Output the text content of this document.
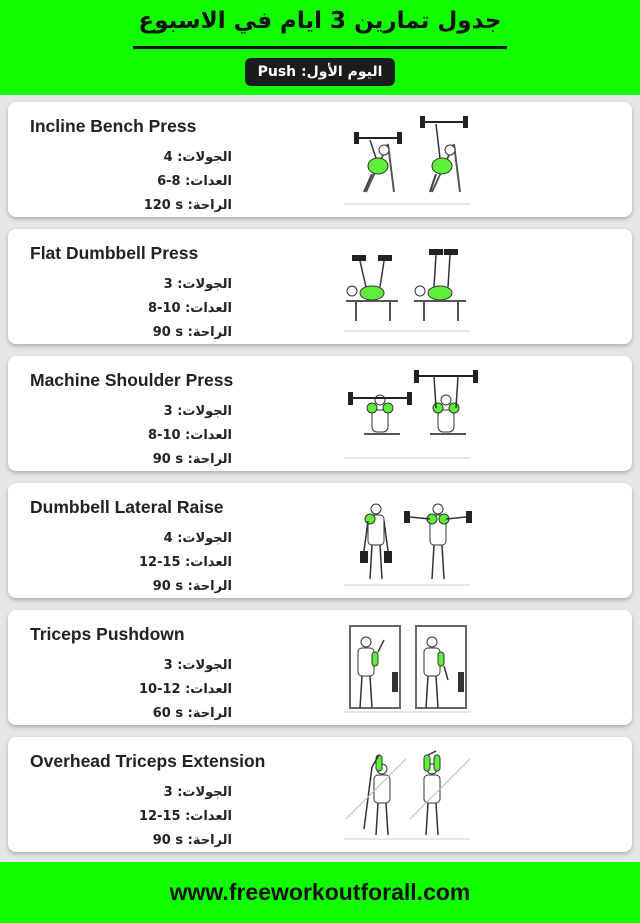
جدول تمارين 3 ايام في الاسبوع
اليوم الأول: Push
Incline Bench Press
الجولات: 4
العدات: 6-8
الراحة: 120 s
Flat Dumbbell Press
الجولات: 3
العدات: 8-10
الراحة: 90 s
Machine Shoulder Press
الجولات: 3
العدات: 8-10
الراحة: 90 s
Dumbbell Lateral Raise
الجولات: 4
العدات: 12-15
الراحة: 90 s
Triceps Pushdown
الجولات: 3
العدات: 10-12
الراحة: 60 s
Overhead Triceps Extension
الجولات: 3
العدات: 12-15
الراحة: 90 s
www.freeworkoutforall.com
